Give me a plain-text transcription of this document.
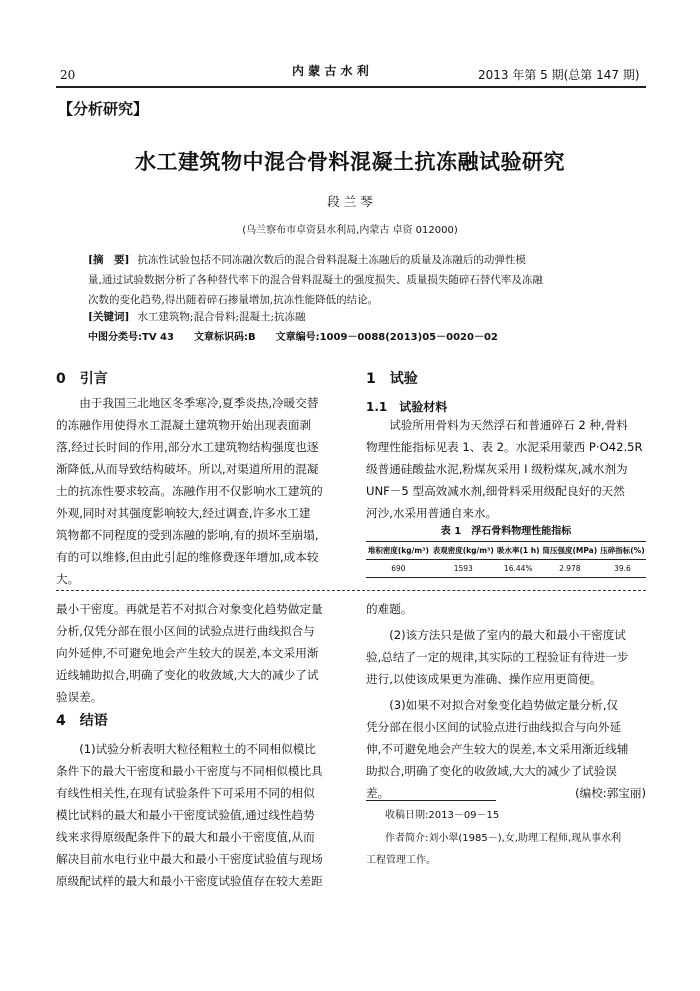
20	内 蒙 古 水 利	2013 年第 5 期(总第 147 期)
【分析研究】
水工建筑物中混合骨料混凝土抗冻融试验研究
段 兰 琴
(乌兰察布市卓资县水利局,内蒙古 卓资 012000)
[摘　要] 抗冻性试验包括不同冻融次数后的混合骨料混凝土冻融后的质量及冻融后的动弹性模
量,通过试验数据分析了各种替代率下的混合骨料混凝土的强度损失、质量损失随碎石替代率及冻融
次数的变化趋势,得出随着碎石掺量增加,抗冻性能降低的结论。
[关键词] 水工建筑物;混合骨料;混凝土;抗冻融
中图分类号:TV 43　　文章标识码:B　　文章编号:1009－0088(2013)05－0020－02
0　引言

由于我国三北地区冬季寒冷,夏季炎热,冷暖交替

的冻融作用使得水工混凝土建筑物开始出现表面剥

落,经过长时间的作用,部分水工建筑物结构强度也逐

渐降低,从而导致结构破坏。所以,对渠道所用的混凝

土的抗冻性要求较高。冻融作用不仅影响水工建筑的

外观,同时对其强度影响较大,经过调查,许多水工建

筑物都不同程度的受到冻融的影响,有的损坏至崩塌,

有的可以维修,但由此引起的维修费逐年增加,成本较

大。

1　试验
1.1　试验材料

试验所用骨料为天然浮石和普通碎石 2 种,骨料

物理性能指标见表 1、表 2。水泥采用蒙西 P·O42.5R

级普通硅酸盐水泥,粉煤灰采用 I 级粉煤灰,减水剂为

UNF－5 型高效减水剂,细骨料采用级配良好的天然

河沙,水采用普通自来水。

表 1　浮石骨料物理性能指标
堆积密度(kg/m³)	表观密度(kg/m³)	吸水率(1 h)	筒压强度(MPa)	压碎指标(%)
690	1593	16.44%	2.978	39.6

最小干密度。再就是若不对拟合对象变化趋势做定量

分析,仅凭分部在很小区间的试验点进行曲线拟合与

向外延伸,不可避免地会产生较大的误差,本文采用渐

近线辅助拟合,明确了变化的收敛域,大大的减少了试

验误差。

4　结语

(1)试验分析表明大粒径粗粒土的不同相似模比

条件下的最大干密度和最小干密度与不同相似模比具

有线性相关性,在现有试验条件下可采用不同的相似

模比试料的最大和最小干密度试验值,通过线性趋势

线来求得原级配条件下的最大和最小干密度值,从而

解决目前水电行业中最大和最小干密度试验值与现场

原级配试样的最大和最小干密度试验值存在较大差距

的难题。

(2)该方法只是做了室内的最大和最小干密度试

验,总结了一定的规律,其实际的工程验证有待进一步

进行,以使该成果更为准确、操作应用更简便。

(3)如果不对拟合对象变化趋势做定量分析,仅

凭分部在很小区间的试验点进行曲线拟合与向外延

伸,不可避免地会产生较大的误差,本文采用渐近线辅

助拟合,明确了变化的收敛域,大大的减少了试验误

差。	(编校:郭宝丽)

收稿日期:2013－09－15
作者简介:刘小翠(1985－),女,助理工程师,现从事水利
工程管理工作。
